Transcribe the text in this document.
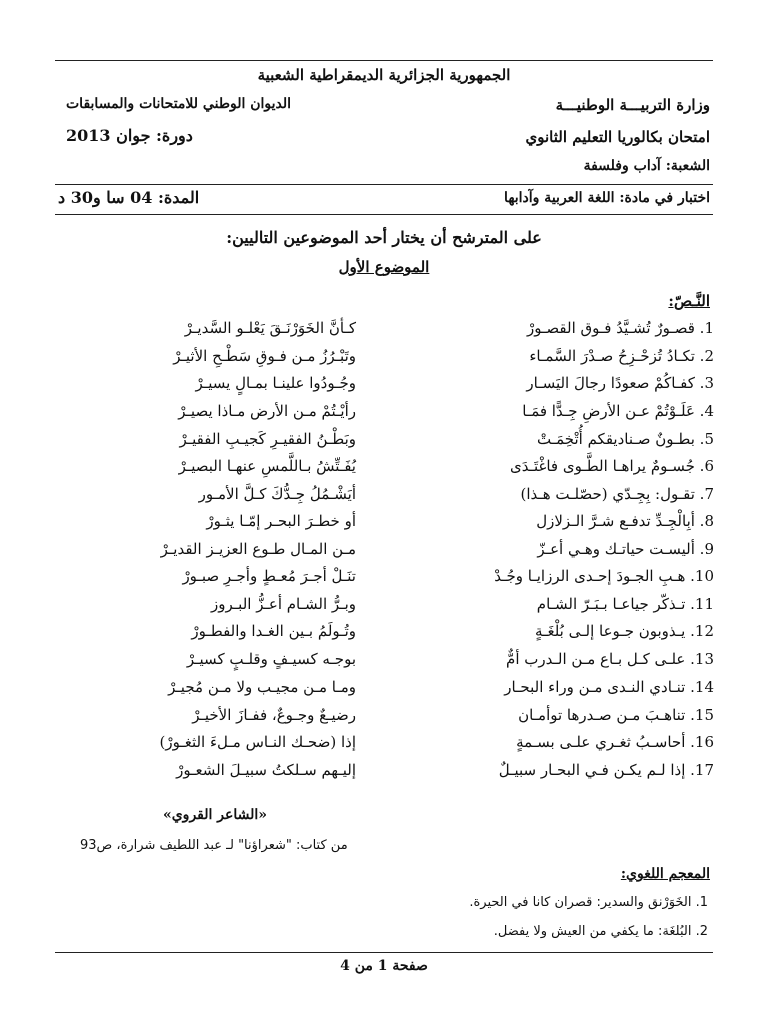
الجمهورية الجزائرية الديمقراطية الشعبية
وزارة التربيـــة الوطنيـــة
الديوان الوطني للامتحانات والمسابقات
امتحان بكالوريا التعليم الثانوي
دورة: جوان 2013
الشعبة: آداب وفلسفة
اختبار في مادة: اللغة العربية وآدابها
المدة: 04 سا و30 د
على المترشح أن يختار أحد الموضوعين التاليين:
الموضوع الأول
النَّـصّ:
1. قصـورٌ تُشـيَّدُ فـوق القصـورْ
كـأنَّ الخَوَرْنَـقَ يَعْلـو السَّديـرْ
2. تكـادُ تُزحْـزِحُ صـدْرَ السَّمـاء
وتَبْـرُزُ مـن فـوقِ سَطْـحِ الأثيـرْ
3. كفـاكُمْ صعودًا رجالَ اليَسـار
وجُـودُوا علينـا بمـالٍ يسيـرْ
4. عَلَـوْتُمْ عـن الأرضِ جِـدًّا فمَـا
رأيْـتُمْ مـن الأرض مـاذا يصيـرْ
5. بطـونٌ صـناديقكم أُتْخِمَـتْ
وبَطْـنُ الفقيـرِ كَجيـبِ الفقيـرْ
6. جُسـومٌ يراهـا الطَّـوى فاغْتَـدَى
يُفَـتِّشُ بـاللَّمسِ عنهـا البصيـرْ
7. تقـول: بِجِـدّي (حصّلـت هـذا)
أيَشْـمُلُ جِـدُّكَ كـلَّ الأمـور
8. أبِالْجِـدِّ تدفـع شـرَّ الـزلازل
أو خطـرَ البحـر إمّـا يثـورْ
9. أليسـت حياتـك وهـي أعـزّ
مـن المـال طـوع العزيـز القديـرْ
10. هـبِ الجـودَ إحـدى الرزايـا وجُـدْ
تنَـلْ أجـرَ مُعـطٍ وأجـرِ صبـورْ
11. تـذكّر جياعـا بـبَـرّ الشـام
وبـرُّ الشـام أعـزُّ البـروز
12. يـذوبون جـوعا إلـى بُلْغَـةٍ
وتُـولَمُ بـين الغـدا والفطـورْ
13. علـى كـل بـاع مـن الـدرب أمٌّ
بوجـه كسيـفٍ وقلـبٍ كسيـرْ
14. تنـادي النـدى مـن وراء البحـار
ومـا مـن مجيـب ولا مـن مُجيـرْ
15. تناهـبَ مـن صـدرها توأمـان
رضيـعٌ وجـوعٌ، ففـازَ الأخيـرْ
16. أحاسـبُ ثغـري علـى بسـمةٍ
إذا (ضحـك النـاس مـلءَ الثغـورْ)
17. إذا لـم يكـن فـي البحـار سبيـلٌ
إليـهم سـلكتُ سبيـلَ الشعـورْ
«الشاعر القروي»
من كتاب: "شعراؤنا" لـ عبد اللطيف شرارة، ص93
المعجم اللغوي:
1. الخَوَرْنق والسدير: قصران كانا في الحيرة.
2. البُلغَة: ما يكفي من العيش ولا يفضل.
صفحة 1 من 4
